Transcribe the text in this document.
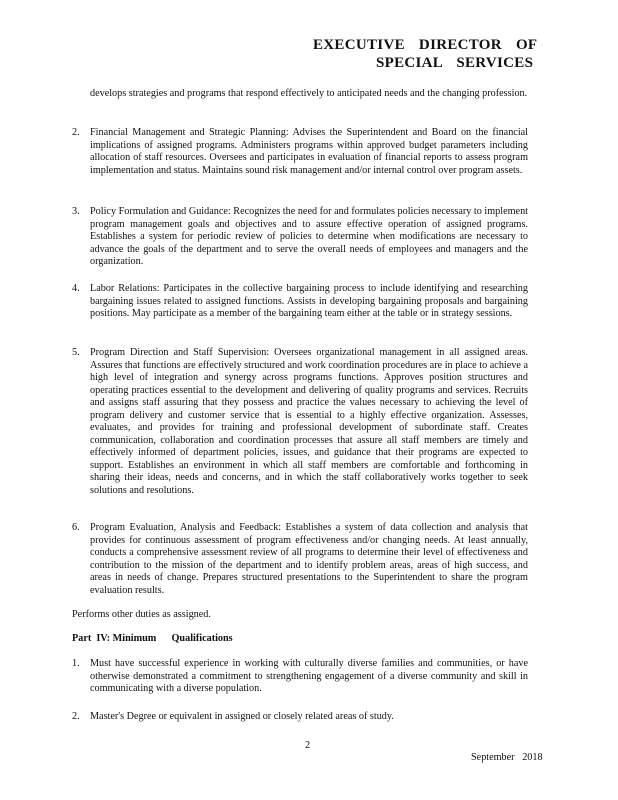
EXECUTIVE DIRECTOR OF
SPECIAL SERVICES
develops strategies and programs that respond effectively to anticipated needs and the changing profession.
2. Financial Management and Strategic Planning: Advises the Superintendent and Board on the financial implications of assigned programs. Administers programs within approved budget parameters including allocation of staff resources. Oversees and participates in evaluation of financial reports to assess program implementation and status. Maintains sound risk management and/or internal control over program assets.
3. Policy Formulation and Guidance: Recognizes the need for and formulates policies necessary to implement program management goals and objectives and to assure effective operation of assigned programs. Establishes a system for periodic review of policies to determine when modifications are necessary to advance the goals of the department and to serve the overall needs of employees and managers and the organization.
4. Labor Relations: Participates in the collective bargaining process to include identifying and researching bargaining issues related to assigned functions. Assists in developing bargaining proposals and bargaining positions. May participate as a member of the bargaining team either at the table or in strategy sessions.
5. Program Direction and Staff Supervision: Oversees organizational management in all assigned areas. Assures that functions are effectively structured and work coordination procedures are in place to achieve a high level of integration and synergy across programs functions. Approves position structures and operating practices essential to the development and delivering of quality programs and services. Recruits and assigns staff assuring that they possess and practice the values necessary to achieving the level of program delivery and customer service that is essential to a highly effective organization. Assesses, evaluates, and provides for training and professional development of subordinate staff. Creates communication, collaboration and coordination processes that assure all staff members are timely and effectively informed of department policies, issues, and guidance that their programs are expected to support. Establishes an environment in which all staff members are comfortable and forthcoming in sharing their ideas, needs and concerns, and in which the staff collaboratively works together to seek solutions and resolutions.
6. Program Evaluation, Analysis and Feedback: Establishes a system of data collection and analysis that provides for continuous assessment of program effectiveness and/or changing needs. At least annually, conducts a comprehensive assessment review of all programs to determine their level of effectiveness and contribution to the mission of the department and to identify problem areas, areas of high success, and areas in needs of change. Prepares structured presentations to the Superintendent to share the program evaluation results.
Performs other duties as assigned.
Part  IV: Minimum      Qualifications
1. Must have successful experience in working with culturally diverse families and communities, or have otherwise demonstrated a commitment to strengthening engagement of a diverse community and skill in communicating with a diverse population.
2. Master's Degree or equivalent in assigned or closely related areas of study.
2
September   2018
